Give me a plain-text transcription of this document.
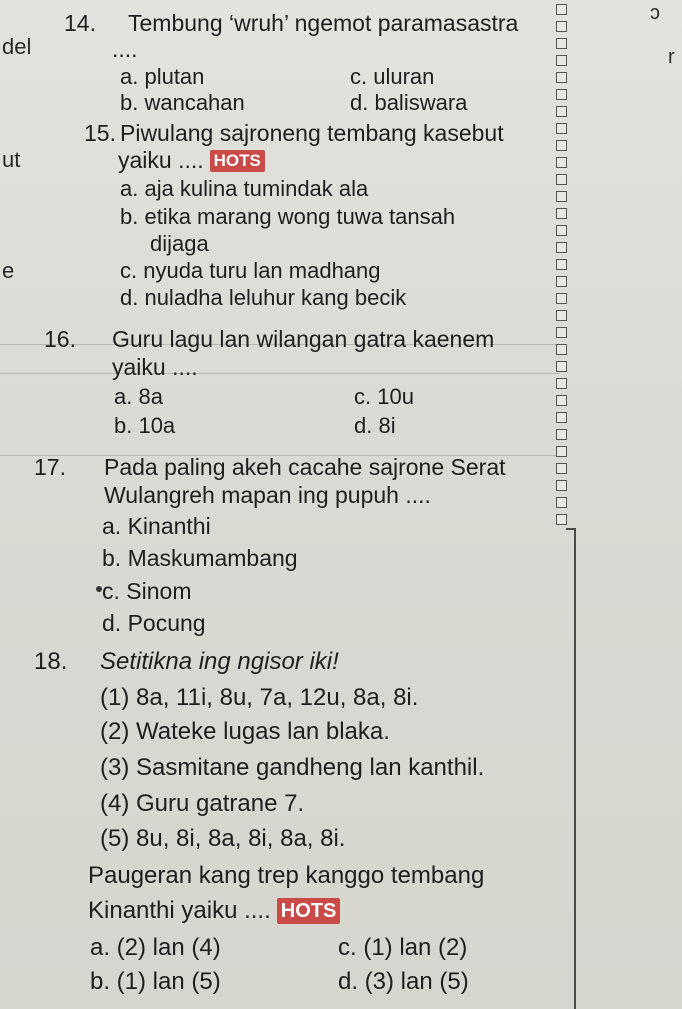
del
ut
e
ɔ
r
14. Tembung ‘wruh’ ngemot paramasastra
....
a. plutan	c. uluran
b. wancahan	d. baliswara
15. Piwulang sajroneng tembang kasebut
yaiku .... HOTS
a. aja kulina tumindak ala
b. etika marang wong tuwa tansah
dijaga
c. nyuda turu lan madhang
d. nuladha leluhur kang becik
16. Guru lagu lan wilangan gatra kaenem
yaiku ....
a. 8a	c. 10u
b. 10a	d. 8i
17. Pada paling akeh cacahe sajrone Serat
Wulangreh mapan ing pupuh ....
a. Kinanthi
b. Maskumambang
c. Sinom
d. Pocung
18. Setitikna ing ngisor iki!
(1) 8a, 11i, 8u, 7a, 12u, 8a, 8i.
(2) Wateke lugas lan blaka.
(3) Sasmitane gandheng lan kanthil.
(4) Guru gatrane 7.
(5) 8u, 8i, 8a, 8i, 8a, 8i.
Paugeran kang trep kanggo tembang
Kinanthi yaiku .... HOTS
a. (2) lan (4)	c. (1) lan (2)
b. (1) lan (5)	d. (3) lan (5)
